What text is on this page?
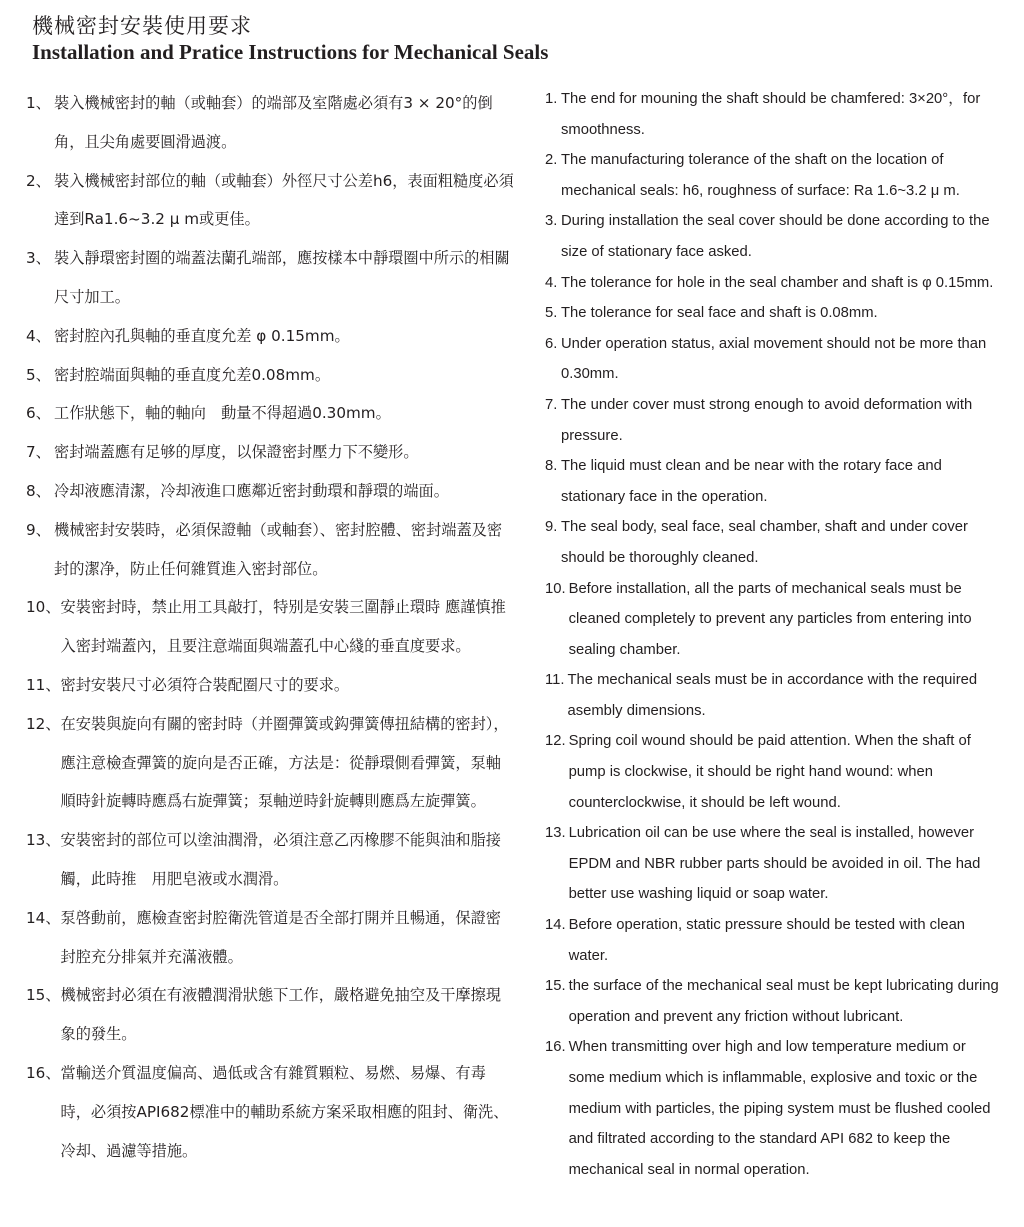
機械密封安裝使用要求
Installation and Pratice Instructions for Mechanical Seals
1、 裝入機械密封的軸（或軸套）的端部及室階處必須有3 × 20°的倒角，且尖角處要圓滑過渡。
2、 裝入機械密封部位的軸（或軸套）外徑尺寸公差h6，表面粗糙度必須達到Ra1.6~3.2 μ m或更佳。
3、 裝入靜環密封圈的端蓋法蘭孔端部，應按樣本中靜環圈中所示的相關尺寸加工。
4、 密封腔內孔與軸的垂直度允差 φ 0.15mm。
5、 密封腔端面與軸的垂直度允差0.08mm。
6、 工作狀態下，軸的軸向　動量不得超過0.30mm。
7、 密封端蓋應有足够的厚度，以保證密封壓力下不變形。
8、 冷却液應清潔，冷却液進口應鄰近密封動環和靜環的端面。
9、 機械密封安裝時，必須保證軸（或軸套）、密封腔體、密封端蓋及密封的潔净，防止任何雜質進入密封部位。
10、 安裝密封時，禁止用工具敲打，特别是安裝三圍靜止環時 應謹慎推入密封端蓋內，且要注意端面與端蓋孔中心綫的垂直度要求。
11、 密封安裝尺寸必須符合裝配圈尺寸的要求。
12、 在安裝與旋向有關的密封時（并圈彈簧或鈎彈簧傳扭結構的密封），應注意檢查彈簧的旋向是否正確，方法是：從靜環側看彈簧，泵軸順時針旋轉時應爲右旋彈簧；泵軸逆時針旋轉則應爲左旋彈簧。
13、 安裝密封的部位可以塗油潤滑，必須注意乙丙橡膠不能與油和脂接觸，此時推　用肥皂液或水潤滑。
14、 泵啓動前，應檢查密封腔衛洗管道是否全部打開并且暢通，保證密封腔充分排氣并充滿液體。
15、 機械密封必須在有液體潤滑狀態下工作，嚴格避免抽空及干摩擦現象的發生。
16、 當輸送介質温度偏高、過低或含有雜質顆粒、易燃、易爆、有毒時，必須按API682標准中的輔助系統方案采取相應的阻封、衛洗、冷却、過濾等措施。
1. The end for mouning the shaft should be chamfered: 3×20°，for smoothness.
2. The manufacturing tolerance of the shaft on the location of mechanical seals: h6, roughness of surface: Ra 1.6~3.2 μ m.
3. During installation the seal cover should be done according to the size of stationary face asked.
4. The tolerance for hole in the seal chamber and shaft is φ 0.15mm.
5. The tolerance for seal face and shaft is 0.08mm.
6. Under operation status, axial movement should not be more than 0.30mm.
7. The under cover must strong enough to avoid deformation with pressure.
8. The liquid must clean and be near with the rotary face and stationary face in the operation.
9. The seal body, seal face, seal chamber, shaft and under cover should be thoroughly cleaned.
10. Before installation, all the parts of mechanical seals must be cleaned completely to prevent any particles from entering into sealing chamber.
11. The mechanical seals must be in accordance with the required asembly dimensions.
12. Spring coil wound should be paid attention. When the shaft of pump is clockwise, it should be right hand wound: when counterclockwise, it should be left wound.
13. Lubrication oil can be use where the seal is installed, however EPDM and NBR rubber parts should be avoided in oil. The had better use washing liquid or soap water.
14. Before operation, static pressure should be tested with clean water.
15. the surface of the mechanical seal must be kept lubricating during operation and prevent any friction without lubricant.
16. When transmitting over high and low temperature medium or some medium which is inflammable, explosive and toxic or the medium with particles, the piping system must be flushed cooled and filtrated according to the standard API 682 to keep the mechanical seal in normal operation.
